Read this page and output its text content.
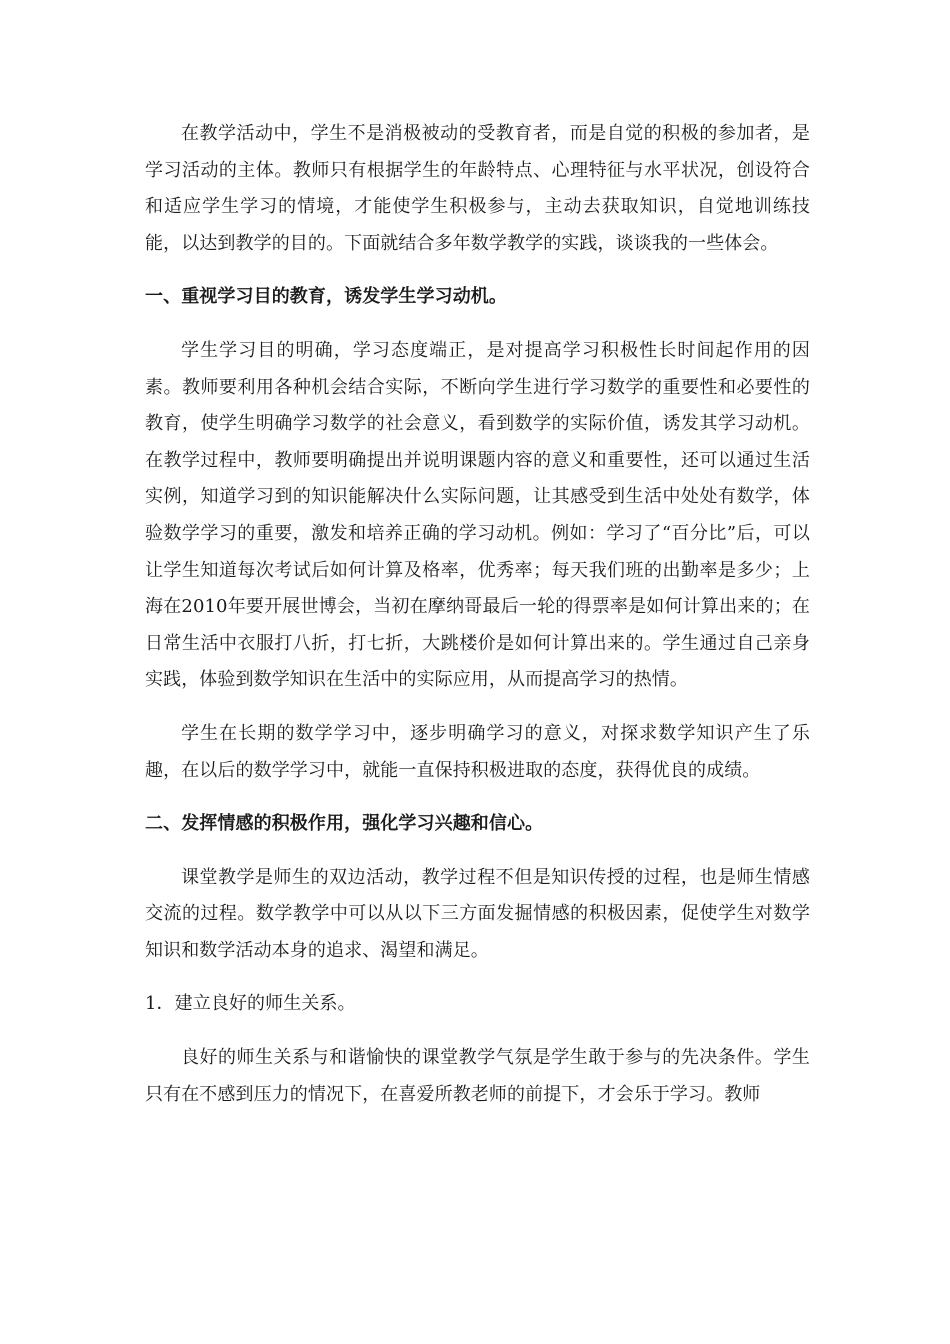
在教学活动中，学生不是消极被动的受教育者，而是自觉的积极的参加者，是学习活动的主体。教师只有根据学生的年龄特点、心理特征与水平状况，创设符合和适应学生学习的情境，才能使学生积极参与，主动去获取知识，自觉地训练技能，以达到教学的目的。下面就结合多年数学教学的实践，谈谈我的一些体会。

一、重视学习目的教育，诱发学生学习动机。

学生学习目的明确，学习态度端正，是对提高学习积极性长时间起作用的因素。教师要利用各种机会结合实际，不断向学生进行学习数学的重要性和必要性的教育，使学生明确学习数学的社会意义，看到数学的实际价值，诱发其学习动机。在教学过程中，教师要明确提出并说明课题内容的意义和重要性，还可以通过生活实例，知道学习到的知识能解决什么实际问题，让其感受到生活中处处有数学，体验数学学习的重要，激发和培养正确的学习动机。例如：学习了“百分比”后，可以让学生知道每次考试后如何计算及格率，优秀率；每天我们班的出勤率是多少；上海在2010年要开展世博会，当初在摩纳哥最后一轮的得票率是如何计算出来的；在日常生活中衣服打八折，打七折，大跳楼价是如何计算出来的。学生通过自己亲身实践，体验到数学知识在生活中的实际应用，从而提高学习的热情。

学生在长期的数学学习中，逐步明确学习的意义，对探求数学知识产生了乐趣，在以后的数学学习中，就能一直保持积极进取的态度，获得优良的成绩。

二、发挥情感的积极作用，强化学习兴趣和信心。

课堂教学是师生的双边活动，教学过程不但是知识传授的过程，也是师生情感交流的过程。数学教学中可以从以下三方面发掘情感的积极因素，促使学生对数学知识和数学活动本身的追求、渴望和满足。

1．建立良好的师生关系。

良好的师生关系与和谐愉快的课堂教学气氛是学生敢于参与的先决条件。学生只有在不感到压力的情况下，在喜爱所教老师的前提下，才会乐于学习。教师
